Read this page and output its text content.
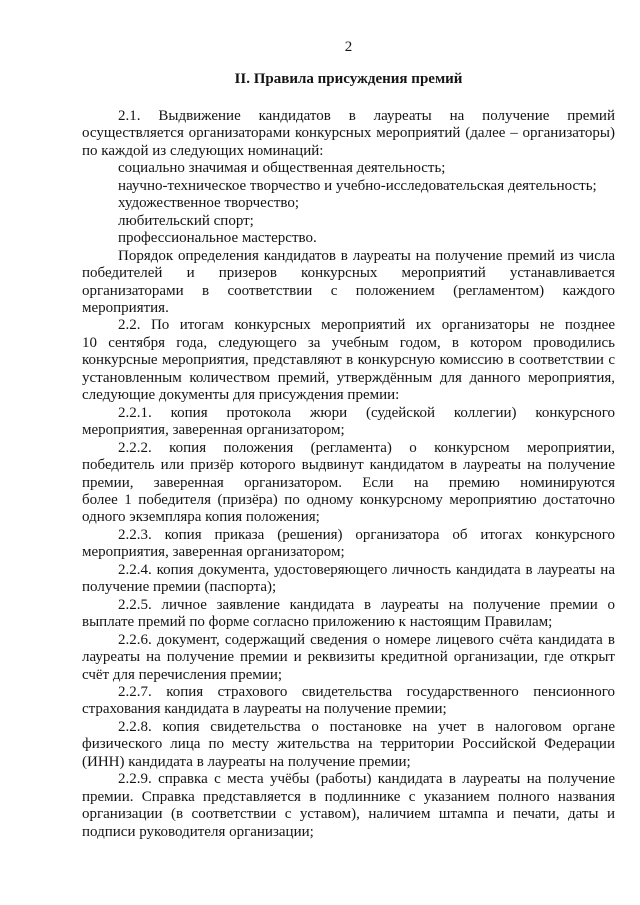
2
II. Правила присуждения премий
2.1. Выдвижение кандидатов в лауреаты на получение премий
осуществляется организаторами конкурсных мероприятий (далее – организаторы)
по каждой из следующих номинаций:
социально значимая и общественная деятельность;
научно-техническое творчество и учебно-исследовательская деятельность;
художественное творчество;
любительский спорт;
профессиональное мастерство.
Порядок определения кандидатов в лауреаты на получение премий из числа
победителей и призеров конкурсных мероприятий устанавливается
организаторами в соответствии с положением (регламентом) каждого
мероприятия.
2.2. По итогам конкурсных мероприятий их организаторы не позднее
10 сентября года, следующего за учебным годом, в котором проводились
конкурсные мероприятия, представляют в конкурсную комиссию в соответствии с
установленным количеством премий, утверждённым для данного мероприятия,
следующие документы для присуждения премии:
2.2.1. копия протокола жюри (судейской коллегии) конкурсного
мероприятия, заверенная организатором;
2.2.2. копия положения (регламента) о конкурсном мероприятии,
победитель или призёр которого выдвинут кандидатом в лауреаты на получение
премии, заверенная организатором. Если на премию номинируются
более 1 победителя (призёра) по одному конкурсному мероприятию достаточно
одного экземпляра копия положения;
2.2.3. копия приказа (решения) организатора об итогах конкурсного
мероприятия, заверенная организатором;
2.2.4. копия документа, удостоверяющего личность кандидата в лауреаты на
получение премии (паспорта);
2.2.5. личное заявление кандидата в лауреаты на получение премии о
выплате премий по форме согласно приложению к настоящим Правилам;
2.2.6. документ, содержащий сведения о номере лицевого счёта кандидата в
лауреаты на получение премии и реквизиты кредитной организации, где открыт
счёт для перечисления премии;
2.2.7. копия страхового свидетельства государственного пенсионного
страхования кандидата в лауреаты на получение премии;
2.2.8. копия свидетельства о постановке на учет в налоговом органе
физического лица по месту жительства на территории Российской Федерации
(ИНН) кандидата в лауреаты на получение премии;
2.2.9. справка с места учёбы (работы) кандидата в лауреаты на получение
премии. Справка представляется в подлиннике с указанием полного названия
организации (в соответствии с уставом), наличием штампа и печати, даты и
подписи руководителя организации;
